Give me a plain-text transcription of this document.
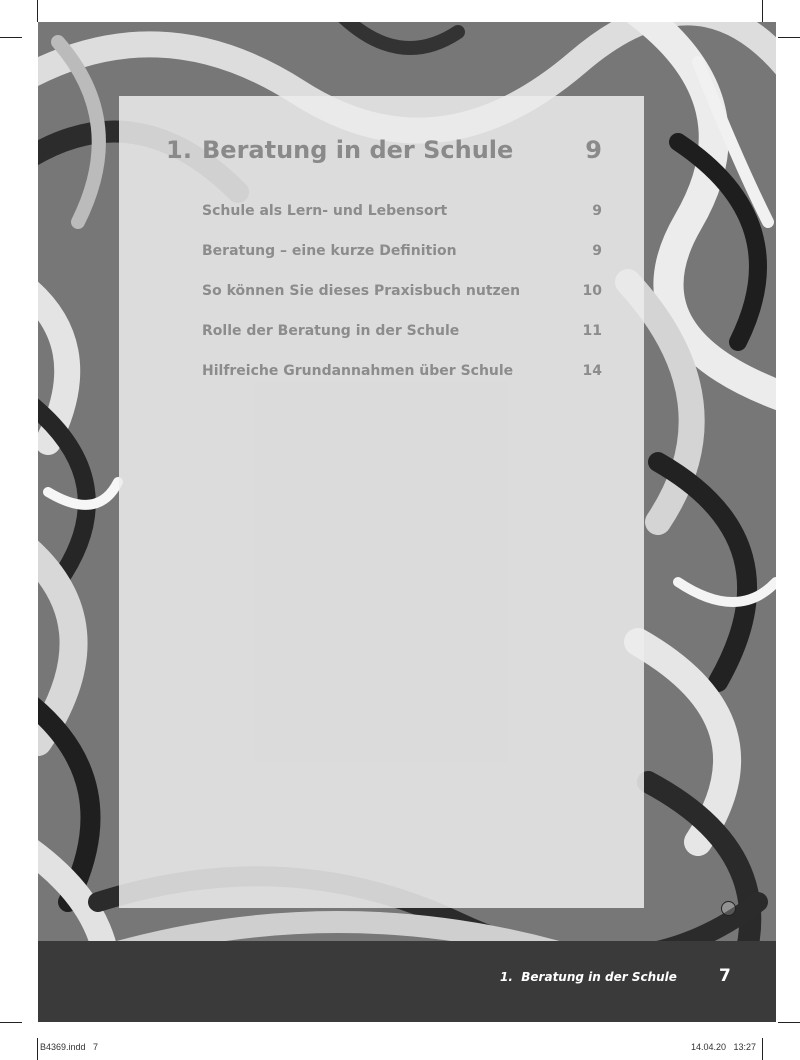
1. Beratung in der Schule	9
Schule als Lern- und Lebensort	9
Beratung – eine kurze Definition	9
So können Sie dieses Praxisbuch nutzen	10
Rolle der Beratung in der Schule	11
Hilfreiche Grundannahmen über Schule	14
1.  Beratung in der Schule 7
B4369.indd   7	14.04.20   13:27
